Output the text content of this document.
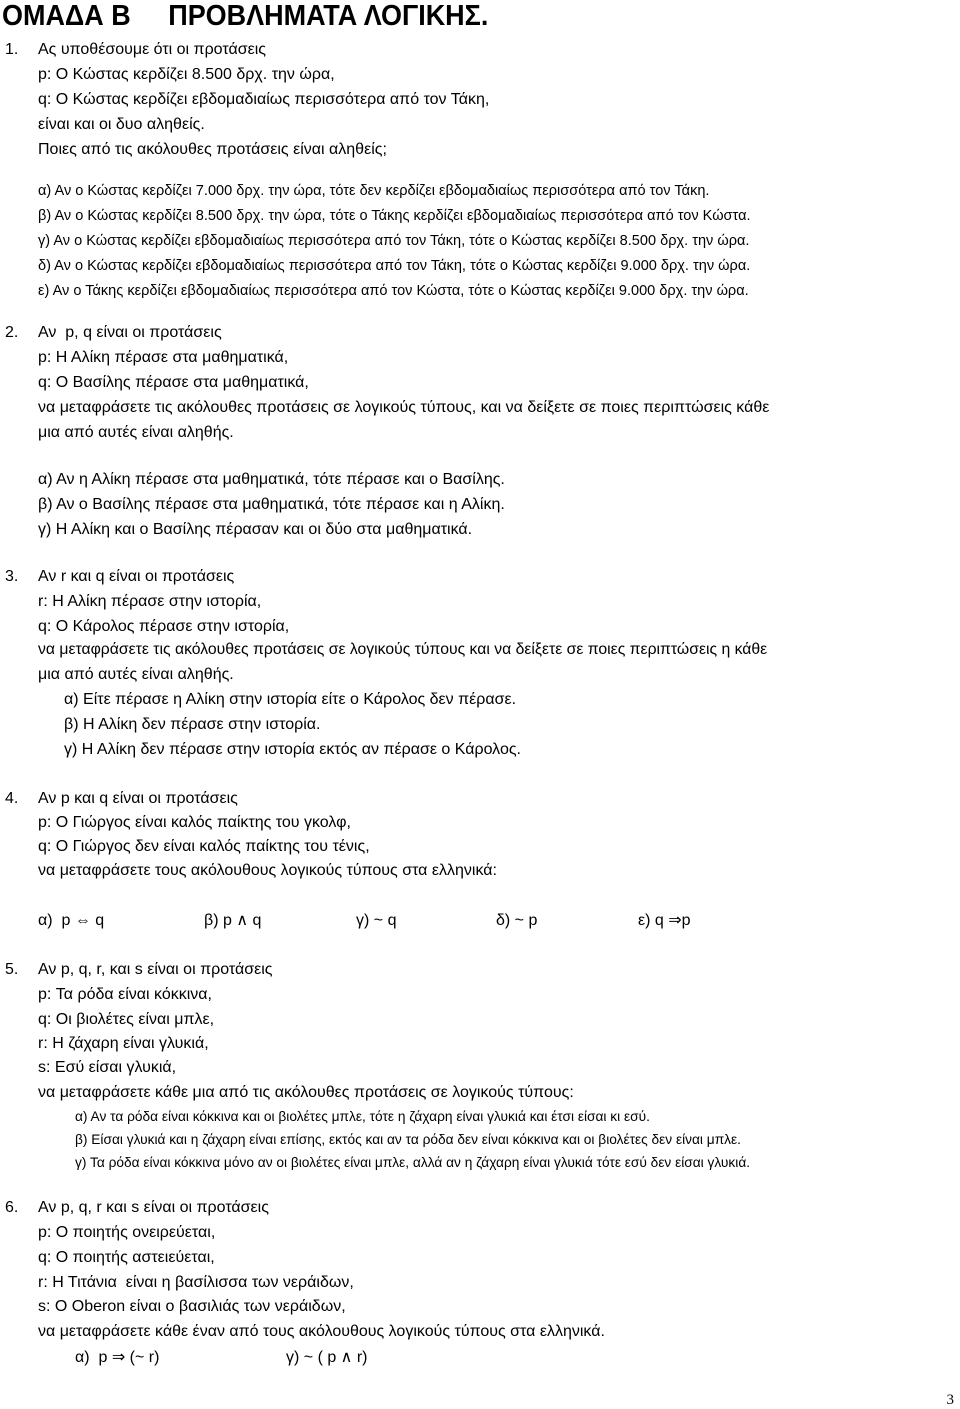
ΟΜΑΔΑ Β     ΠΡΟΒΛΗΜΑΤΑ ΛΟΓΙΚΗΣ.
1. Ας υποθέσουμε ότι οι προτάσεις
p: Ο Κώστας κερδίζει 8.500 δρχ. την ώρα,
q: Ο Κώστας κερδίζει εβδομαδιαίως περισσότερα από τον Τάκη,
είναι και οι δυο αληθείς.
Ποιες από τις ακόλουθες προτάσεις είναι αληθείς;
α) Αν ο Κώστας κερδίζει 7.000 δρχ. την ώρα, τότε δεν κερδίζει εβδομαδιαίως περισσότερα από τον Τάκη.
β) Αν ο Κώστας κερδίζει 8.500 δρχ. την ώρα, τότε ο Τάκης κερδίζει εβδομαδιαίως περισσότερα από τον Κώστα.
γ) Αν ο Κώστας κερδίζει εβδομαδιαίως περισσότερα από τον Τάκη, τότε ο Κώστας κερδίζει 8.500 δρχ. την ώρα.
δ) Αν ο Κώστας κερδίζει εβδομαδιαίως περισσότερα από τον Τάκη, τότε ο Κώστας κερδίζει 9.000 δρχ. την ώρα.
ε) Αν ο Τάκης κερδίζει εβδομαδιαίως περισσότερα από τον Κώστα, τότε ο Κώστας κερδίζει 9.000 δρχ. την ώρα.
2. Αν  p, q είναι οι προτάσεις
p: Η Αλίκη πέρασε στα μαθηματικά,
q: Ο Βασίλης πέρασε στα μαθηματικά,
να μεταφράσετε τις ακόλουθες προτάσεις σε λογικούς τύπους, και να δείξετε σε ποιες περιπτώσεις κάθε
μια από αυτές είναι αληθής.
α) Αν η Αλίκη πέρασε στα μαθηματικά, τότε πέρασε και ο Βασίλης.
β) Αν ο Βασίλης πέρασε στα μαθηματικά, τότε πέρασε και η Αλίκη.
γ) Η Αλίκη και ο Βασίλης πέρασαν και οι δύο στα μαθηματικά.
3. Αν r και q είναι οι προτάσεις
r: Η Αλίκη πέρασε στην ιστορία,
q: Ο Κάρολος πέρασε στην ιστορία,
να μεταφράσετε τις ακόλουθες προτάσεις σε λογικούς τύπους και να δείξετε σε ποιες περιπτώσεις η κάθε
μια από αυτές είναι αληθής.
α) Είτε πέρασε η Αλίκη στην ιστορία είτε ο Κάρολος δεν πέρασε.
β) Η Αλίκη δεν πέρασε στην ιστορία.
γ) Η Αλίκη δεν πέρασε στην ιστορία εκτός αν πέρασε ο Κάρολος.
4. Αν p και q είναι οι προτάσεις
p: Ο Γιώργος είναι καλός παίκτης του γκολφ,
q: Ο Γιώργος δεν είναι καλός παίκτης του τένις,
να μεταφράσετε τους ακόλουθους λογικούς τύπους στα ελληνικά:
α)  p ⇔ q	β) p ∧ q	γ) ~ q	δ) ~ p	ε) q ⇒p
5. Αν p, q, r, και s είναι οι προτάσεις
p: Τα ρόδα είναι κόκκινα,
q: Οι βιολέτες είναι μπλε,
r: Η ζάχαρη είναι γλυκιά,
s: Εσύ είσαι γλυκιά,
να μεταφράσετε κάθε μια από τις ακόλουθες προτάσεις σε λογικούς τύπους:
α) Αν τα ρόδα είναι κόκκινα και οι βιολέτες μπλε, τότε η ζάχαρη είναι γλυκιά και έτσι είσαι κι εσύ.
β) Είσαι γλυκιά και η ζάχαρη είναι επίσης, εκτός και αν τα ρόδα δεν είναι κόκκινα και οι βιολέτες δεν είναι μπλε.
γ) Τα ρόδα είναι κόκκινα μόνο αν οι βιολέτες είναι μπλε, αλλά αν η ζάχαρη είναι γλυκιά τότε εσύ δεν είσαι γλυκιά.
6. Αν p, q, r και s είναι οι προτάσεις
p: Ο ποιητής ονειρεύεται,
q: Ο ποιητής αστειεύεται,
r: Η Τιτάνια  είναι η βασίλισσα των νεράιδων,
s: Ο Oberon είναι ο βασιλιάς των νεράιδων,
να μεταφράσετε κάθε έναν από τους ακόλουθους λογικούς τύπους στα ελληνικά.
α)  p ⇒ (~ r)	γ) ~ ( p ∧ r)
3
